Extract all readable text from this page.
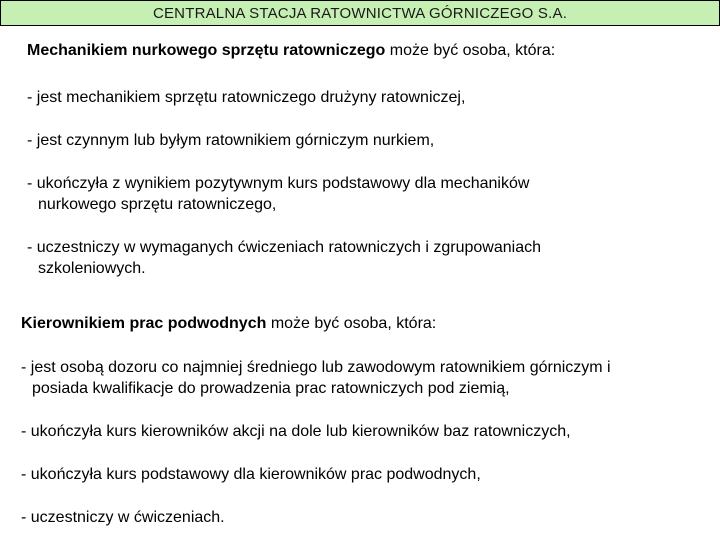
CENTRALNA STACJA RATOWNICTWA GÓRNICZEGO S.A.
Mechanikiem nurkowego sprzętu ratowniczego może być osoba, która:
- jest mechanikiem sprzętu ratowniczego drużyny ratowniczej,
- jest czynnym lub byłym ratownikiem górniczym nurkiem,
- ukończyła z wynikiem pozytywnym kurs podstawowy dla mechaników
nurkowego sprzętu ratowniczego,
- uczestniczy w wymaganych ćwiczeniach ratowniczych i zgrupowaniach
szkoleniowych.
Kierownikiem prac podwodnych może być osoba, która:
- jest osobą dozoru co najmniej średniego lub zawodowym ratownikiem górniczym i
posiada kwalifikacje do prowadzenia prac ratowniczych pod ziemią,
- ukończyła kurs kierowników akcji na dole lub kierowników baz ratowniczych,
- ukończyła kurs podstawowy dla kierowników prac podwodnych,
- uczestniczy w ćwiczeniach.
